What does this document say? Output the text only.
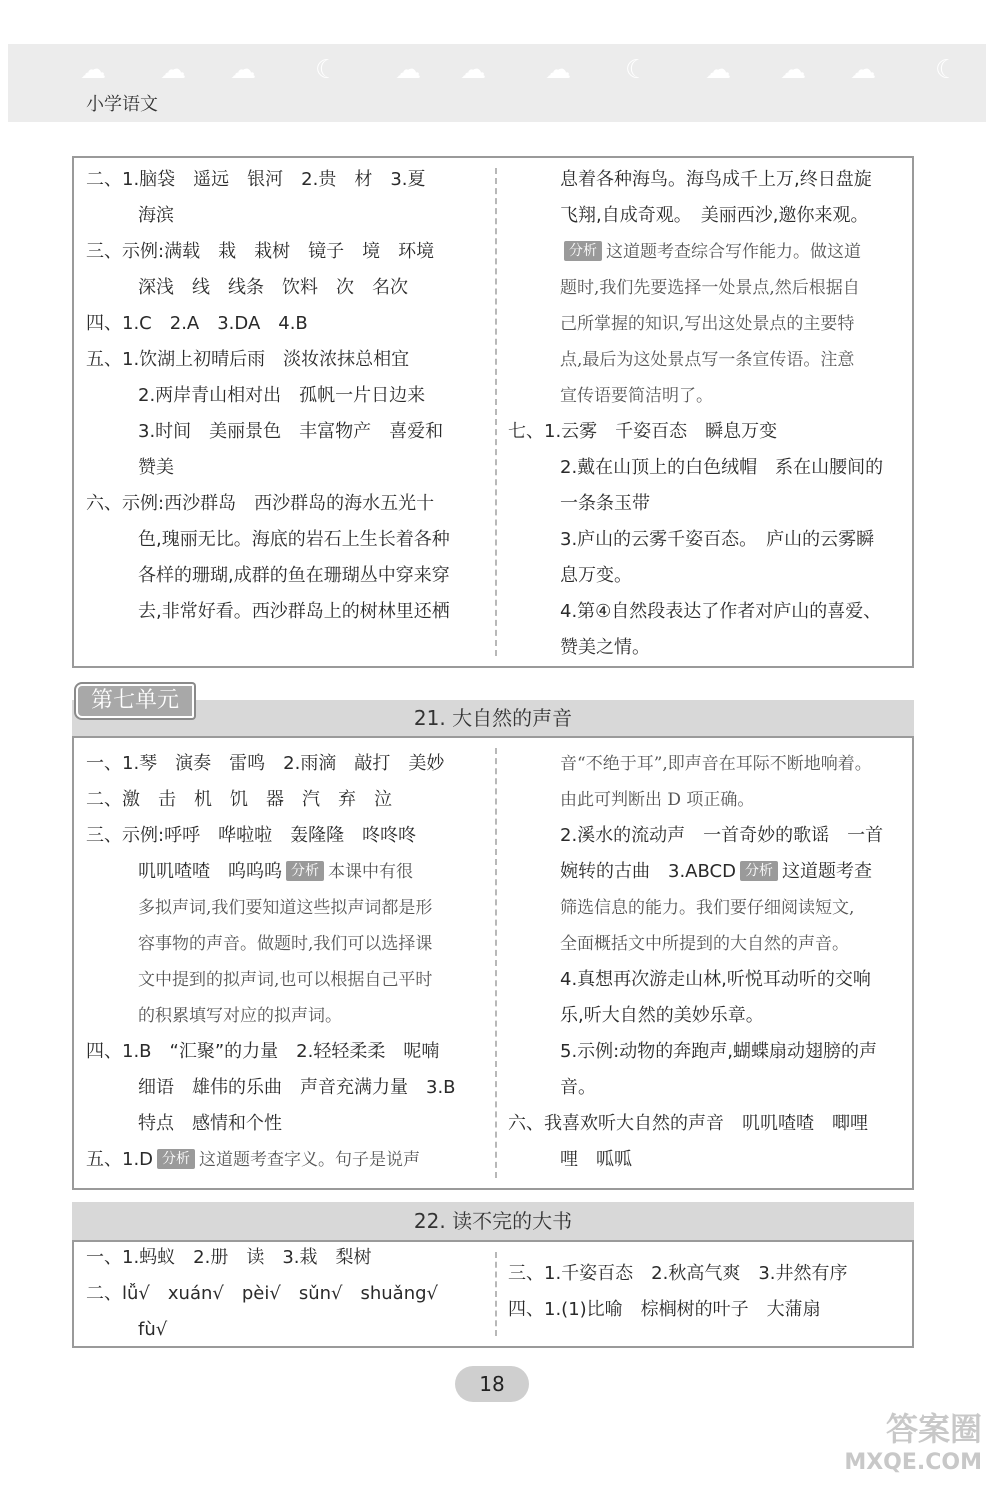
☁ ☁ ☁ ☾ ☁ ☁ ☁ ☾ ☁ ☁ ☁ ☾
小学语文
二、1.脑袋　遥远　银河　2.贵　材　3.夏
海滨
三、示例:满载　栽　栽树　镜子　境　环境
深浅　线　线条　饮料　次　名次
四、1.C　2.A　3.DA　4.B
五、1.饮湖上初晴后雨　淡妆浓抹总相宜
2.两岸青山相对出　孤帆一片日边来
3.时间　美丽景色　丰富物产　喜爱和
赞美
六、示例:西沙群岛　西沙群岛的海水五光十
色,瑰丽无比。海底的岩石上生长着各种
各样的珊瑚,成群的鱼在珊瑚丛中穿来穿
去,非常好看。西沙群岛上的树林里还栖
息着各种海鸟。海鸟成千上万,终日盘旋
飞翔,自成奇观。　美丽西沙,邀你来观。
分析 这道题考查综合写作能力。做这道
题时,我们先要选择一处景点,然后根据自
己所掌握的知识,写出这处景点的主要特
点,最后为这处景点写一条宣传语。注意
宣传语要简洁明了。
七、1.云雾　千姿百态　瞬息万变
2.戴在山顶上的白色绒帽　系在山腰间的
一条条玉带
3.庐山的云雾千姿百态。　庐山的云雾瞬
息万变。
4.第④自然段表达了作者对庐山的喜爱、
赞美之情。
21. 大自然的声音
第七单元
一、1.琴　演奏　雷鸣　2.雨滴　敲打　美妙
二、激　击　机　饥　器　汽　弃　泣
三、示例:呼呼　哗啦啦　轰隆隆　咚咚咚
叽叽喳喳　呜呜呜 分析 本课中有很
多拟声词,我们要知道这些拟声词都是形
容事物的声音。做题时,我们可以选择课
文中提到的拟声词,也可以根据自己平时
的积累填写对应的拟声词。
四、1.B　“汇聚”的力量　2.轻轻柔柔　呢喃
细语　雄伟的乐曲　声音充满力量　3.B
特点　感情和个性
五、1.D 分析 这道题考查字义。句子是说声
音“不绝于耳”,即声音在耳际不断地响着。
由此可判断出 D 项正确。
2.溪水的流动声　一首奇妙的歌谣　一首
婉转的古曲　3.ABCD 分析 这道题考查
筛选信息的能力。我们要仔细阅读短文,
全面概括文中所提到的大自然的声音。
4.真想再次游走山林,听悦耳动听的交响
乐,听大自然的美妙乐章。
5.示例:动物的奔跑声,蝴蝶扇动翅膀的声
音。
六、我喜欢听大自然的声音　叽叽喳喳　唧哩
哩　呱呱
22. 读不完的大书
一、1.蚂蚁　2.册　读　3.栽　梨树
二、lǚ√　xuán√　pèi√　sǔn√　shuǎng√
fù√
三、1.千姿百态　2.秋高气爽　3.井然有序
四、1.(1)比喻　棕榈树的叶子　大蒲扇
18
答案圈
MXQE.COM
